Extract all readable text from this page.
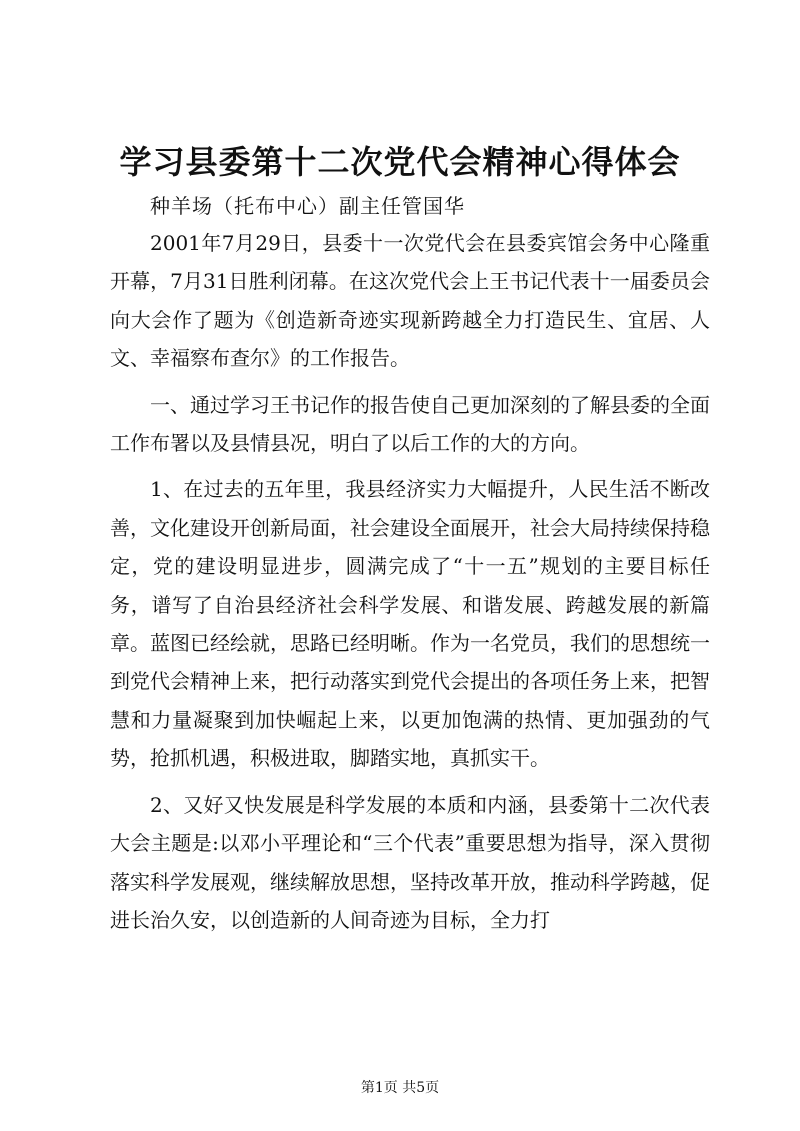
学习县委第十二次党代会精神心得体会
种羊场（托布中心）副主任管国华

2001年7月29日，县委十一次党代会在县委宾馆会务中心隆重开幕，7月31日胜利闭幕。在这次党代会上王书记代表十一届委员会向大会作了题为《创造新奇迹实现新跨越全力打造民生、宜居、人文、幸福察布查尔》的工作报告。

一、通过学习王书记作的报告使自己更加深刻的了解县委的全面工作布署以及县情县况，明白了以后工作的大的方向。

1、在过去的五年里，我县经济实力大幅提升，人民生活不断改善，文化建设开创新局面，社会建设全面展开，社会大局持续保持稳定，党的建设明显进步，圆满完成了“十一五”规划的主要目标任务，谱写了自治县经济社会科学发展、和谐发展、跨越发展的新篇章。蓝图已经绘就，思路已经明晰。作为一名党员，我们的思想统一到党代会精神上来，把行动落实到党代会提出的各项任务上来，把智慧和力量凝聚到加快崛起上来，以更加饱满的热情、更加强劲的气势，抢抓机遇，积极进取，脚踏实地，真抓实干。

2、又好又快发展是科学发展的本质和内涵，县委第十二次代表大会主题是:以邓小平理论和“三个代表”重要思想为指导，深入贯彻落实科学发展观，继续解放思想，坚持改革开放，推动科学跨越，促进长治久安，以创造新的人间奇迹为目标，全力打

第1页 共5页
